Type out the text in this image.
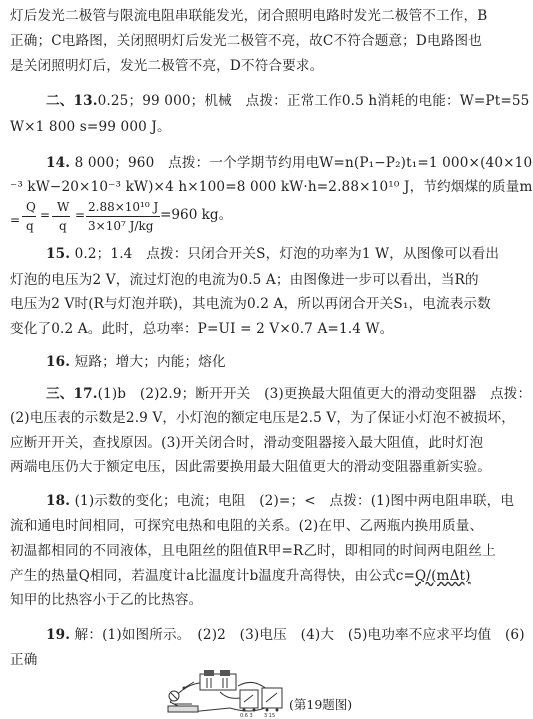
灯后发光二极管与限流电阻串联能发光，闭合照明电路时发光二极管不工作，B
正确；C电路图，关闭照明灯后发光二极管不亮，故C不符合题意；D电路图也
是关闭照明灯后，发光二极管不亮，D不符合要求。
二、13.0.25；99 000；机械　点拨：正常工作0.5 h消耗的电能：W=Pt=55
W×1 800 s=99 000 J。
14. 8 000；960　点拨：一个学期节约用电W=n(P₁−P₂)t₁=1 000×(40×10
⁻³ kW−20×10⁻³ kW)×4 h×100=8 000 kW·h=2.88×10¹⁰ J，节约烟煤的质量m
=
Q
q
=
W
q
=
2.88×10¹⁰ J
3×10⁷ J/kg
=960 kg。
15. 0.2；1.4　点拨：只闭合开关S，灯泡的功率为1 W，从图像可以看出
灯泡的电压为2 V，流过灯泡的电流为0.5 A；由图像进一步可以看出，当R的
电压为2 V时(R与灯泡并联)，其电流为0.2 A，所以再闭合开关S₁，电流表示数
变化了0.2 A。此时，总功率：P=UI = 2 V×0.7 A=1.4 W。
16. 短路；增大；内能；熔化
三、17.(1)b　(2)2.9；断开开关　(3)更换最大阻值更大的滑动变阻器　点拨：
(2)电压表的示数是2.9 V，小灯泡的额定电压是2.5 V，为了保证小灯泡不被损坏，
应断开开关，查找原因。(3)开关闭合时，滑动变阻器接入最大阻值，此时灯泡
两端电压仍大于额定电压，因此需要换用最大阻值更大的滑动变阻器重新实验。
18. (1)示数的变化；电流；电阻　(2)=；<　点拨：(1)图中两电阻串联，电
流和通电时间相同，可探究电热和电阻的关系。(2)在甲、乙两瓶内换用质量、
初温都相同的不同液体，且电阻丝的阻值R甲=R乙时，即相同的时间两电阻丝上
产生的热量Q相同，若温度计a比温度计b温度升高得快，由公式c=Q/(mΔt)
知甲的比热容小于乙的比热容。
19. 解：(1)如图所示。　(2)2　(3)电压　(4)大　(5)电功率不应求平均值　(6)
正确
0.6 3 3 15
(第19题图)
